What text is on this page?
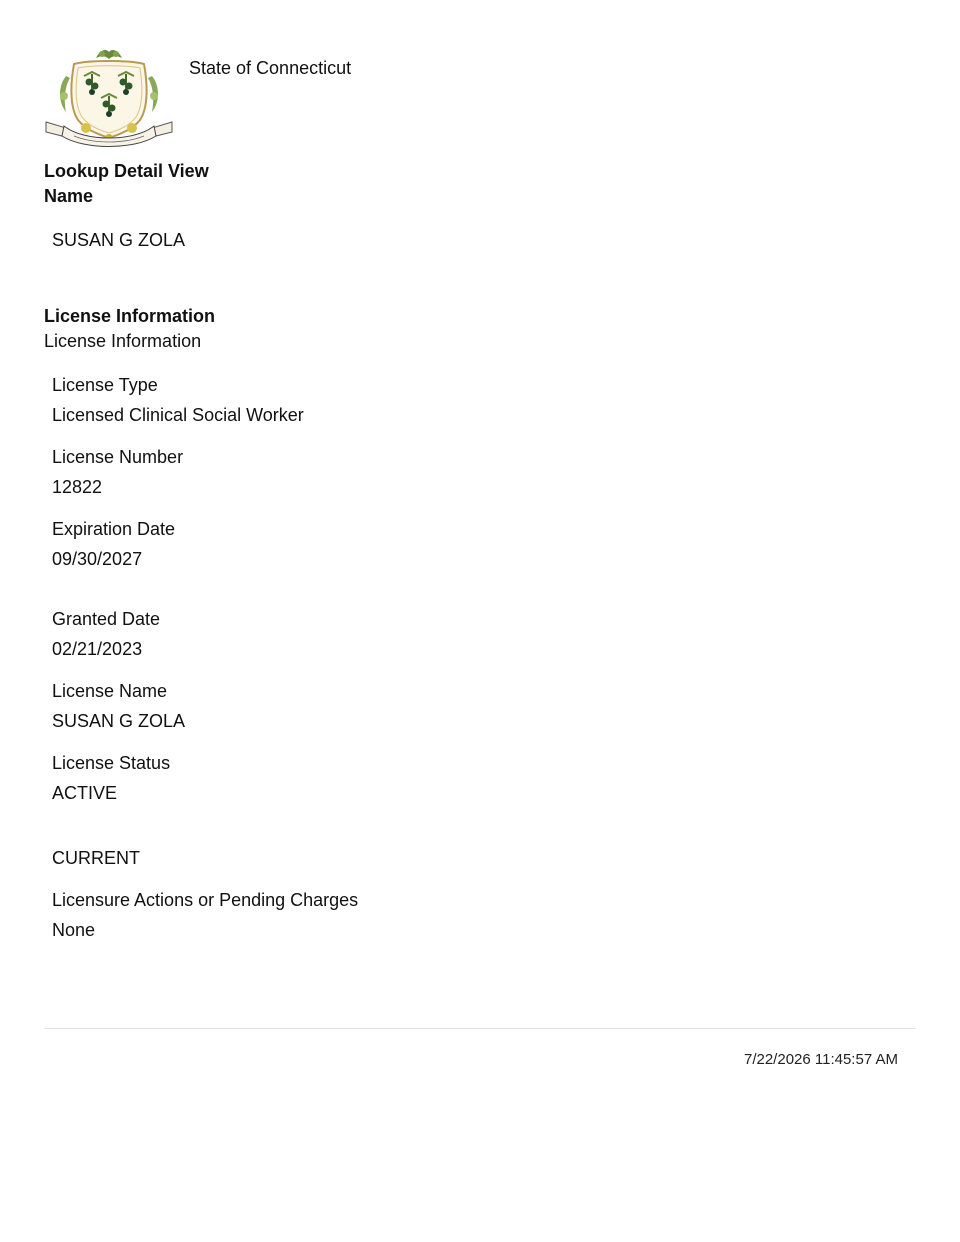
State of Connecticut
Lookup Detail View
Name
SUSAN G ZOLA
License Information
License Information
License Type
Licensed Clinical Social Worker
License Number
12822
Expiration Date
09/30/2027
Granted Date
02/21/2023
License Name
SUSAN G ZOLA
License Status
ACTIVE
CURRENT
Licensure Actions or Pending Charges
None
7/22/2026 11:45:57 AM
